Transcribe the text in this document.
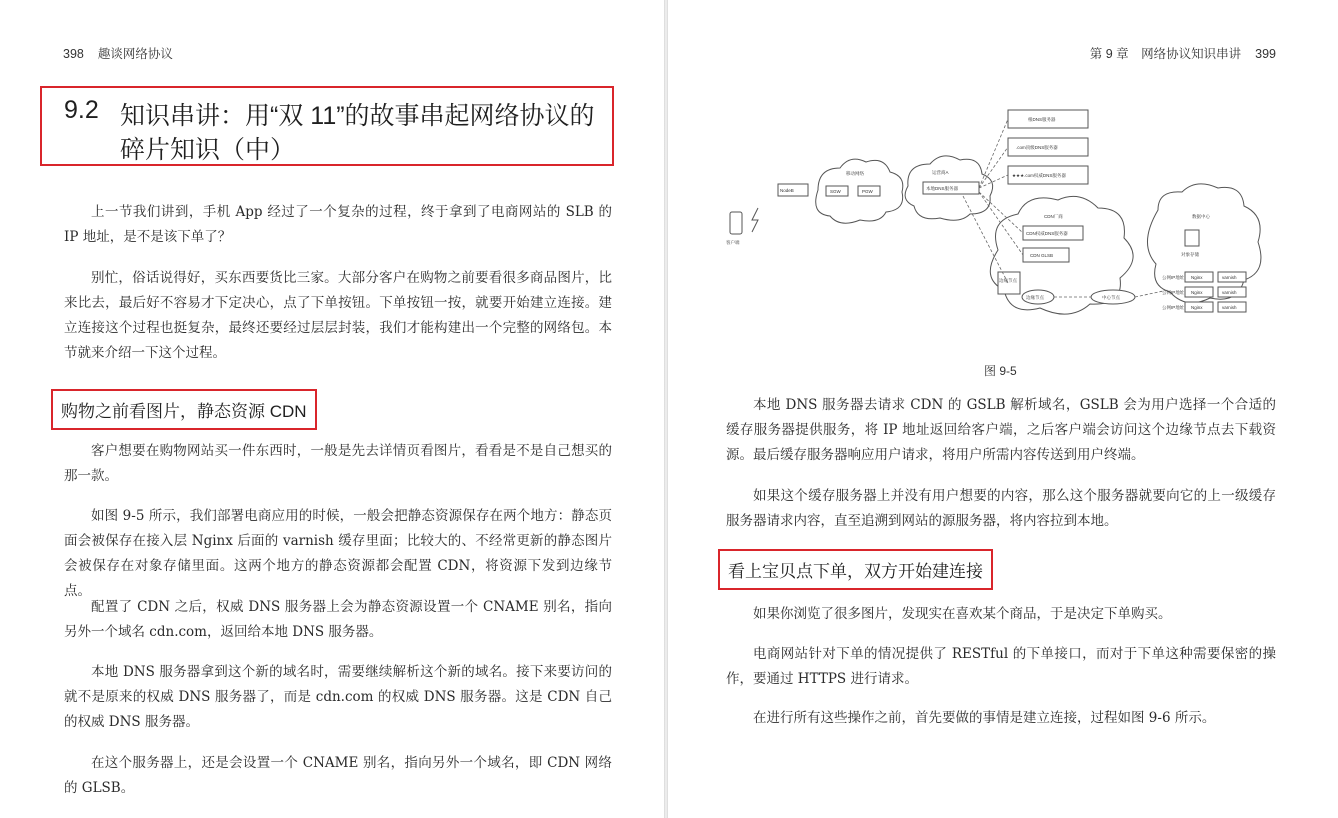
398 趣谈网络协议
9.2 知识串讲：用“双 11”的故事串起网络协议的
碎片知识（中）

上一节我们讲到，手机 App 经过了一个复杂的过程，终于拿到了电商网站的 SLB 的 IP 地址，是不是该下单了？

别忙，俗话说得好，买东西要货比三家。大部分客户在购物之前要看很多商品图片，比来比去，最后好不容易才下定决心，点了下单按钮。下单按钮一按，就要开始建立连接。建立连接这个过程也挺复杂，最终还要经过层层封装，我们才能构建出一个完整的网络包。本节就来介绍一下这个过程。

购物之前看图片，静态资源 CDN

客户想要在购物网站买一件东西时，一般是先去详情页看图片，看看是不是自己想买的那一款。

如图 9-5 所示，我们部署电商应用的时候，一般会把静态资源保存在两个地方：静态页面会被保存在接入层 Nginx 后面的 varnish 缓存里面；比较大的、不经常更新的静态图片会被保存在对象存储里面。这两个地方的静态资源都会配置 CDN，将资源下发到边缘节点。

配置了 CDN 之后，权威 DNS 服务器上会为静态资源设置一个 CNAME 别名，指向另外一个域名 cdn.com，返回给本地 DNS 服务器。

本地 DNS 服务器拿到这个新的域名时，需要继续解析这个新的域名。接下来要访问的就不是原来的权威 DNS 服务器了，而是 cdn.com 的权威 DNS 服务器。这是 CDN 自己的权威 DNS 服务器。

在这个服务器上，还是会设置一个 CNAME 别名，指向另外一个域名，即 CDN 网络的 GLSB。

第 9 章　网络协议知识串讲 399
客户端
NodeB
移动网络
SGW	PGW
运营商A
本地DNS服务器
根DNS服务器
.com顶级DNS服务器
★★★.com权威DNS服务器
CDN厂商
CDN权威DNS服务器
CDN GLSB
边缘节点
边缘节点	中心节点
数据中心
对象存储
公网IP地址
公网IP地址
公网IP地址
Nginx	varnish
Nginx	varnish
Nginx	varnish
图 9-5

本地 DNS 服务器去请求 CDN 的 GSLB 解析域名，GSLB 会为用户选择一个合适的缓存服务器提供服务，将 IP 地址返回给客户端，之后客户端会访问这个边缘节点去下载资源。最后缓存服务器响应用户请求，将用户所需内容传送到用户终端。

如果这个缓存服务器上并没有用户想要的内容，那么这个服务器就要向它的上一级缓存服务器请求内容，直至追溯到网站的源服务器，将内容拉到本地。

看上宝贝点下单，双方开始建连接

如果你浏览了很多图片，发现实在喜欢某个商品，于是决定下单购买。

电商网站针对下单的情况提供了 RESTful 的下单接口，而对于下单这种需要保密的操作，要通过 HTTPS 进行请求。

在进行所有这些操作之前，首先要做的事情是建立连接，过程如图 9-6 所示。
